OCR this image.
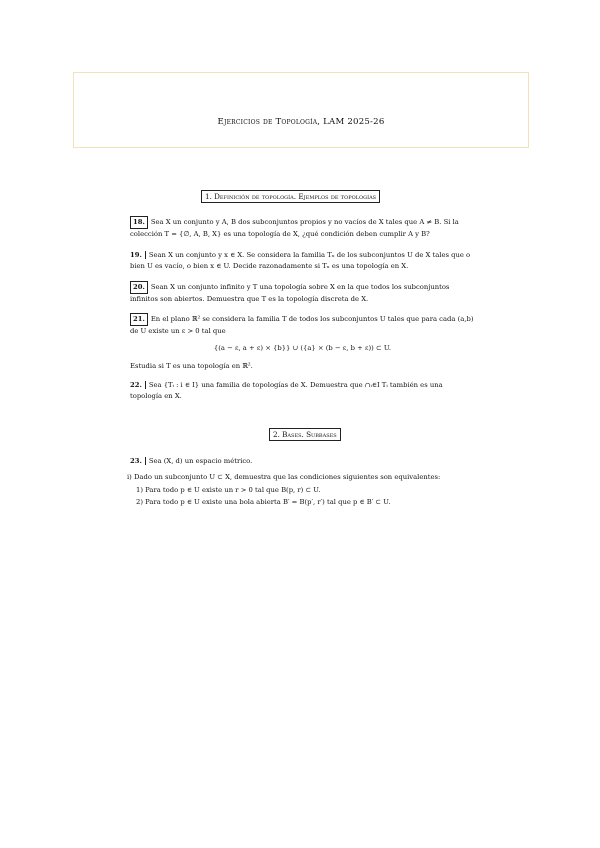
Ejercicios de Topología, LAM 2025-26
1. Definición de topología. Ejemplos de topologías
18. Sea X un conjunto y A, B dos subconjuntos propios y no vacíos de X tales que A ≠ B. Si la colección T = {∅, A, B, X} es una topología de X, ¿qué condición deben cumplir A y B?
19. Sean X un conjunto y x ∈ X. Se considera la familia Tₓ de los subconjuntos U de X tales que o bien U es vacío, o bien x ∈ U. Decide razonadamente si Tₓ es una topología en X.
20. Sean X un conjunto infinito y T una topología sobre X en la que todos los subconjuntos infinitos son abiertos. Demuestra que T es la topología discreta de X.
21. En el plano ℝ² se considera la familia T de todos los subconjuntos U tales que para cada (a,b) de U existe un ε > 0 tal que
{(a − ε, a + ε) × {b}} ∪ ({a} × (b − ε, b + ε)) ⊂ U.
Estudia si T es una topología en ℝ².
22. Sea {Tᵢ : i ∈ I} una familia de topologías de X. Demuestra que ∩ᵢ∈I Tᵢ también es una topología en X.
2. Bases. Subbases
23. Sea (X, d) un espacio métrico.
i) Dado un subconjunto U ⊂ X, demuestra que las condiciones siguientes son equivalentes:
1) Para todo p ∈ U existe un r > 0 tal que B(p, r) ⊂ U.
2) Para todo p ∈ U existe una bola abierta B′ = B(p′, r′) tal que p ∈ B′ ⊂ U.
